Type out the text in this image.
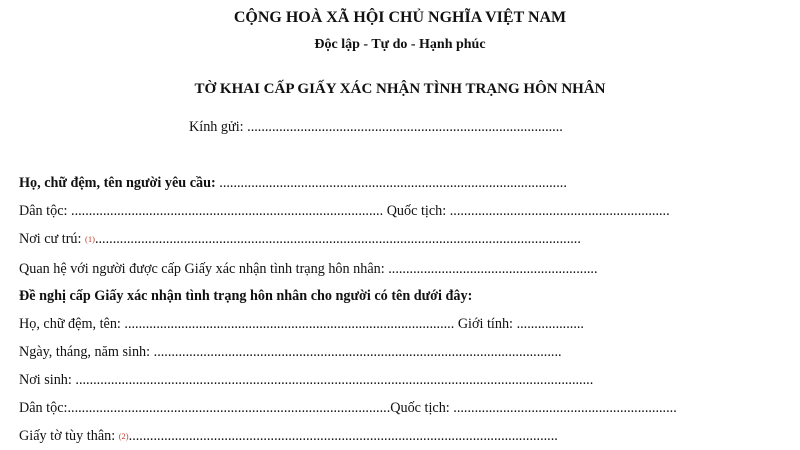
CỘNG HOÀ XÃ HỘI CHỦ NGHĨA VIỆT NAM
Độc lập - Tự do - Hạnh phúc
TỜ KHAI CẤP GIẤY XÁC NHẬN TÌNH TRẠNG HÔN NHÂN
Kính gửi: .........................................................................................
Họ, chữ đệm, tên người yêu cầu: ..................................................................................................
Dân tộc: ........................................................................................ Quốc tịch: ..............................................................
Nơi cư trú: (1).........................................................................................................................................
Quan hệ với người được cấp Giấy xác nhận tình trạng hôn nhân: ...........................................................
Đề nghị cấp Giấy xác nhận tình trạng hôn nhân cho người có tên dưới đây:
Họ, chữ đệm, tên: ............................................................................................. Giới tính: ...................
Ngày, tháng, năm sinh: ...................................................................................................................
Nơi sinh: ..................................................................................................................................................
Dân tộc:...........................................................................................Quốc tịch: ...............................................................
Giấy tờ tùy thân: (2).........................................................................................................................
